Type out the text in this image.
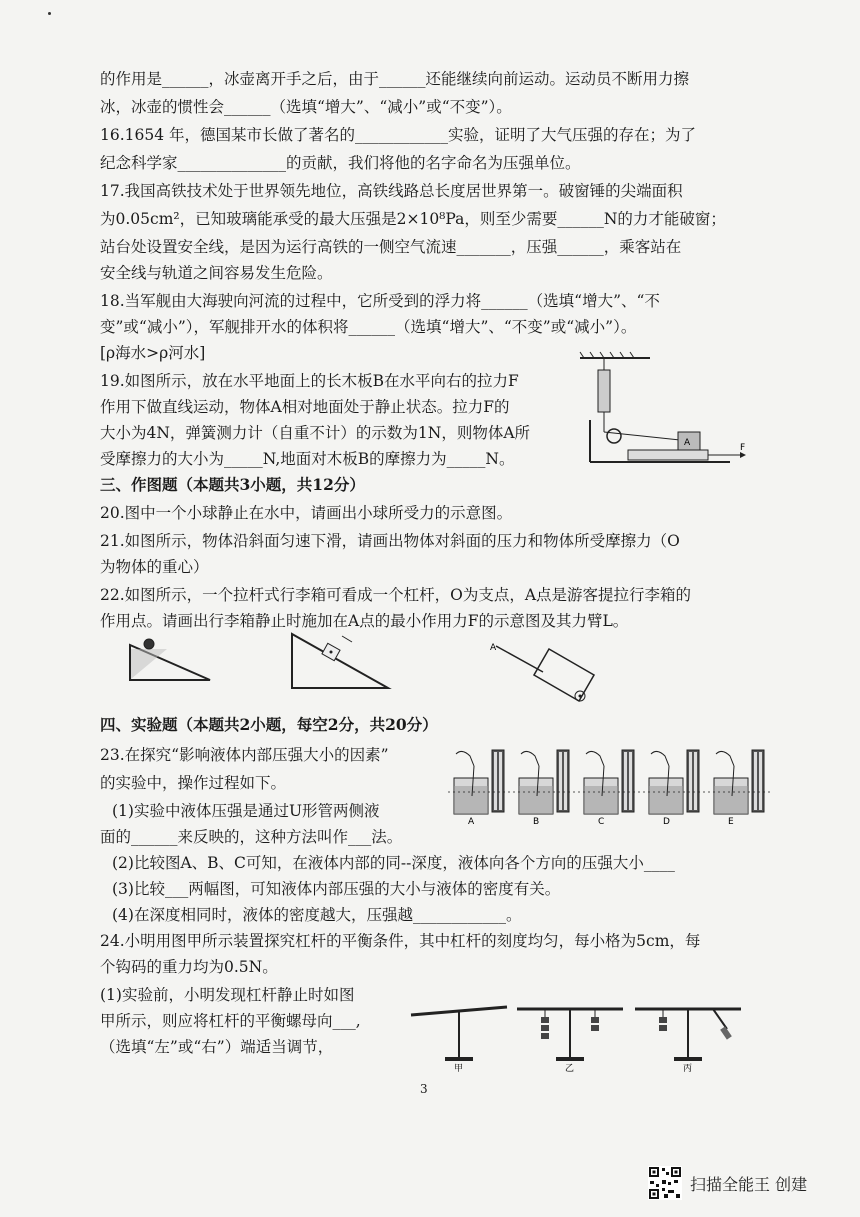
的作用是______，冰壶离开手之后，由于______还能继续向前运动。运动员不断用力擦
冰，冰壶的惯性会______（选填“增大”、“减小”或“不变”）。
16.1654 年，德国某市长做了著名的____________实验，证明了大气压强的存在；为了
纪念科学家______________的贡献，我们将他的名字命名为压强单位。
17.我国高铁技术处于世界领先地位，高铁线路总长度居世界第一。破窗锤的尖端面积
为0.05cm²，已知玻璃能承受的最大压强是2×10⁸Pa，则至少需要______N的力才能破窗；
站台处设置安全线，是因为运行高铁的一侧空气流速_______，压强______，乘客站在
安全线与轨道之间容易发生危险。
18.当军舰由大海驶向河流的过程中，它所受到的浮力将______（选填“增大”、“不
变”或“减小”），军舰排开水的体积将______（选填“增大”、“不变”或“减小”）。
[ρ海水>ρ河水]
19.如图所示，放在水平地面上的长木板B在水平向右的拉力F
作用下做直线运动，物体A相对地面处于静止状态。拉力F的
大小为4N，弹簧测力计（自重不计）的示数为1N，则物体A所
受摩擦力的大小为_____N,地面对木板B的摩擦力为_____N。
A	F
三、作图题（本题共3小题，共12分）
20.图中一个小球静止在水中，请画出小球所受力的示意图。
21.如图所示，物体沿斜面匀速下滑，请画出物体对斜面的压力和物体所受摩擦力（O
为物体的重心）
22.如图所示，一个拉杆式行李箱可看成一个杠杆，O为支点，A点是游客提拉行李箱的
作用点。请画出行李箱静止时施加在A点的最小作用力F的示意图及其力臂L。
A
四、实验题（本题共2小题，每空2分，共20分）
23.在探究“影响液体内部压强大小的因素”
的实验中，操作过程如下。
(1)实验中液体压强是通过U形管两侧液
面的______来反映的，这种方法叫作___法。
A	B	C	D	E
(2)比较图A、B、C可知，在液体内部的同--深度，液体向各个方向的压强大小____
(3)比较___两幅图，可知液体内部压强的大小与液体的密度有关。
(4)在深度相同时，液体的密度越大，压强越____________。
24.小明用图甲所示装置探究杠杆的平衡条件，其中杠杆的刻度均匀，每小格为5cm，每
个钩码的重力均为0.5N。
(1)实验前，小明发现杠杆静止时如图
甲所示，则应将杠杆的平衡螺母向___,
（选填“左”或“右”）端适当调节，
甲	乙	丙
3
扫描全能王 创建
